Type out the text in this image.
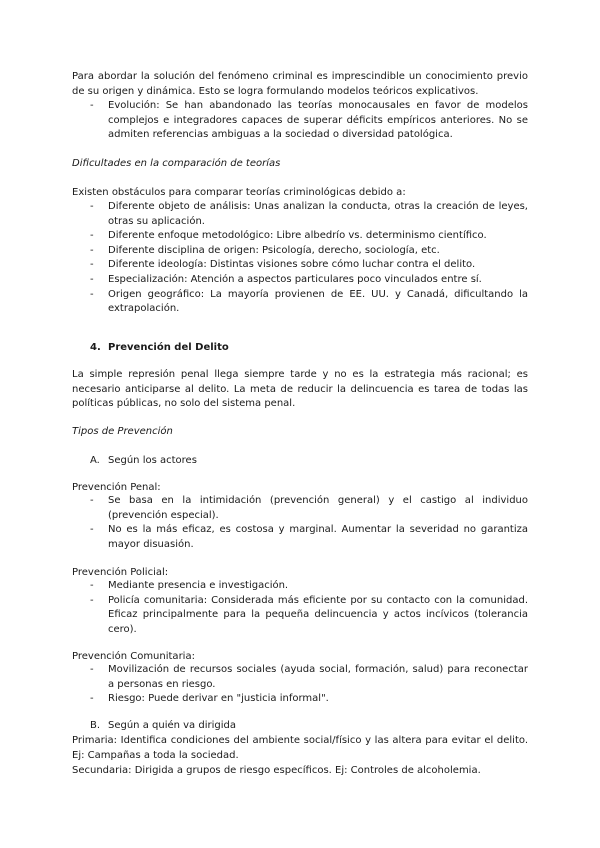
Para abordar la solución del fenómeno criminal es imprescindible un conocimiento previo de su origen y dinámica. Esto se logra formulando modelos teóricos explicativos.

- Evolución: Se han abandonado las teorías monocausales en favor de modelos complejos e integradores capaces de superar déficits empíricos anteriores. No se admiten referencias ambiguas a la sociedad o diversidad patológica.

Dificultades en la comparación de teorías

Existen obstáculos para comparar teorías criminológicas debido a:

- Diferente objeto de análisis: Unas analizan la conducta, otras la creación de leyes, otras su aplicación.
- Diferente enfoque metodológico: Libre albedrío vs. determinismo científico.
- Diferente disciplina de origen: Psicología, derecho, sociología, etc.
- Diferente ideología: Distintas visiones sobre cómo luchar contra el delito.
- Especialización: Atención a aspectos particulares poco vinculados entre sí.
- Origen geográfico: La mayoría provienen de EE. UU. y Canadá, dificultando la extrapolación.

4. Prevención del Delito

La simple represión penal llega siempre tarde y no es la estrategia más racional; es necesario anticiparse al delito. La meta de reducir la delincuencia es tarea de todas las políticas públicas, no solo del sistema penal.

Tipos de Prevención

A. Según los actores

Prevención Penal:

- Se basa en la intimidación (prevención general) y el castigo al individuo (prevención especial).
- No es la más eficaz, es costosa y marginal. Aumentar la severidad no garantiza mayor disuasión.

Prevención Policial:

- Mediante presencia e investigación.
- Policía comunitaria: Considerada más eficiente por su contacto con la comunidad. Eficaz principalmente para la pequeña delincuencia y actos incívicos (tolerancia cero).

Prevención Comunitaria:

- Movilización de recursos sociales (ayuda social, formación, salud) para reconectar a personas en riesgo.
- Riesgo: Puede derivar en "justicia informal".

B. Según a quién va dirigida

Primaria: Identifica condiciones del ambiente social/físico y las altera para evitar el delito. Ej: Campañas a toda la sociedad.

Secundaria: Dirigida a grupos de riesgo específicos. Ej: Controles de alcoholemia.
